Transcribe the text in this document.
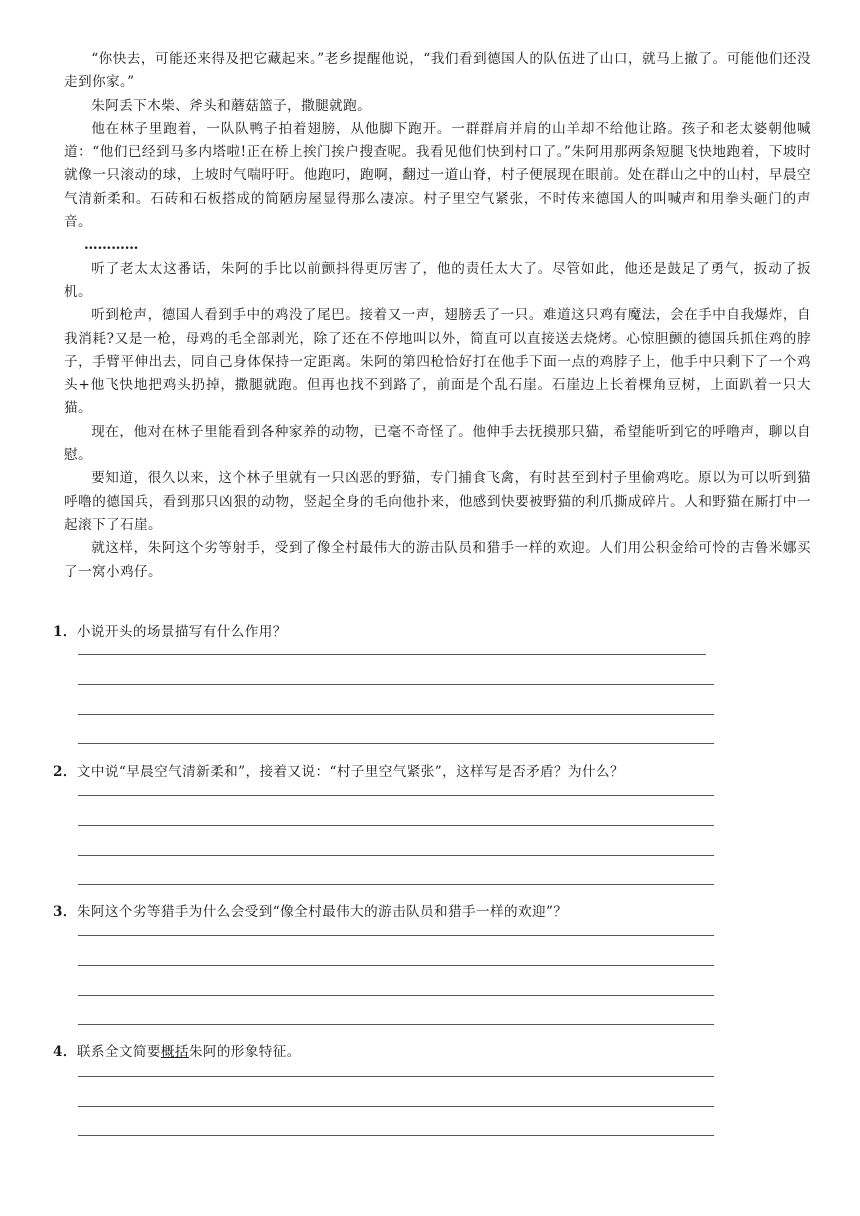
“你快去，可能还来得及把它藏起来。”老乡提醒他说，“我们看到德国人的队伍进了山口，就马上撤了。可能他们还没走到你家。”

朱阿丢下木柴、斧头和蘑菇篮子，撒腿就跑。

他在林子里跑着，一队队鸭子拍着翅膀，从他脚下跑开。一群群肩并肩的山羊却不给他让路。孩子和老太婆朝他喊道：“他们已经到马多内塔啦!正在桥上挨门挨户搜查呢。我看见他们快到村口了。”朱阿用那两条短腿飞快地跑着，下坡时就像一只滚动的球，上坡时气喘吁吁。他跑叼，跑啊，翻过一道山脊，村子便展现在眼前。处在群山之中的山村，早晨空气清新柔和。石砖和石板搭成的简陋房屋显得那么凄凉。村子里空气紧张，不时传来德国人的叫喊声和用拳头砸门的声音。

…………

听了老太太这番话，朱阿的手比以前颤抖得更厉害了，他的责任太大了。尽管如此，他还是鼓足了勇气，扳动了扳机。

听到枪声，德国人看到手中的鸡没了尾巴。接着又一声，翅膀丢了一只。难道这只鸡有魔法，会在手中自我爆炸，自我消耗?又是一枪，母鸡的毛全部剥光，除了还在不停地叫以外，简直可以直接送去烧烤。心惊胆颤的德国兵抓住鸡的脖子，手臂平伸出去，同自己身体保持一定距离。朱阿的第四枪恰好打在他手下面一点的鸡脖子上，他手中只剩下了一个鸡头+他飞快地把鸡头扔掉，撒腿就跑。但再也找不到路了，前面是个乱石崖。石崖边上长着棵角豆树，上面趴着一只大猫。

现在，他对在林子里能看到各种家养的动物，已毫不奇怪了。他伸手去抚摸那只猫，希望能听到它的呼噜声，聊以自慰。

要知道，很久以来，这个林子里就有一只凶恶的野猫，专门捕食飞禽，有时甚至到村子里偷鸡吃。原以为可以听到猫呼噜的德国兵，看到那只凶狠的动物，竖起全身的毛向他扑来，他感到快要被野猫的利爪撕成碎片。人和野猫在厮打中一起滚下了石崖。

就这样，朱阿这个劣等射手，受到了像全村最伟大的游击队员和猎手一样的欢迎。人们用公积金给可怜的吉鲁米娜买了一窝小鸡仔。

1．小说开头的场景描写有什么作用？

2．文中说“早晨空气清新柔和”，接着又说：“村子里空气紧张”，这样写是否矛盾？为什么？

3．朱阿这个劣等猎手为什么会受到“像全村最伟大的游击队员和猎手一样的欢迎”？

4．联系全文简要概括朱阿的形象特征。
